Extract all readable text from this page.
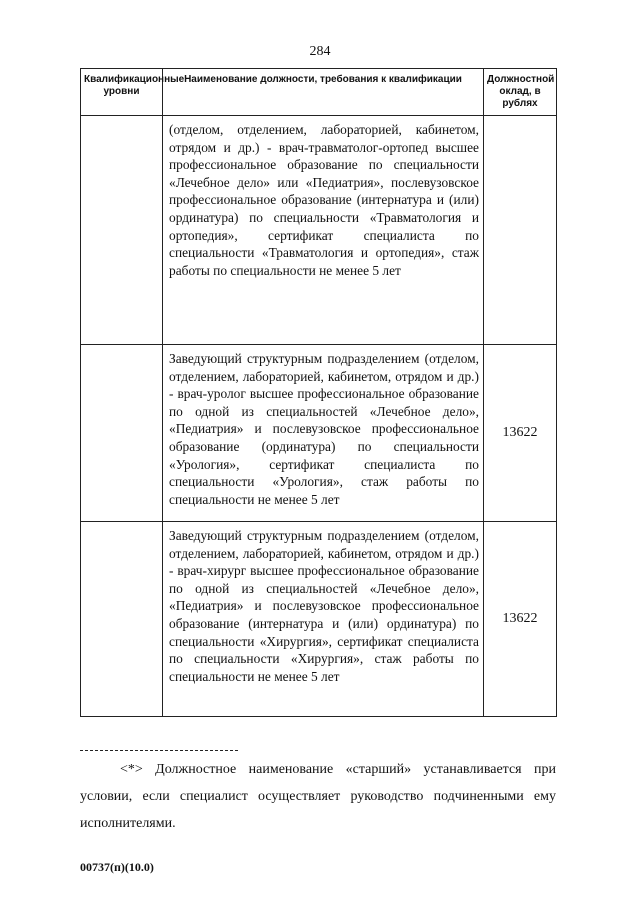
284
Квалификационные уровни	Наименование должности, требования к квалификации	Должностной оклад, в рублях
	(отделом, отделением, лабораторией, кабинетом, отрядом и др.) - врач-травматолог-ортопед высшее профессиональное образование по специальности «Лечебное дело» или «Педиатрия», послевузовское профессиональное образование (интернатура и (или) ординатура) по специальности «Травматология и ортопедия», сертификат специалиста по специальности «Травматология и ортопедия», стаж работы по специальности не менее 5 лет	
	Заведующий структурным подразделением (отделом, отделением, лабораторией, кабинетом, отрядом и др.) - врач-уролог высшее профессиональное образование по одной из специальностей «Лечебное дело», «Педиатрия» и послевузовское профессиональное образование (ординатура) по специальности «Урология», сертификат специалиста по специальности «Урология», стаж работы по специальности не менее 5 лет	13622
	Заведующий структурным подразделением (отделом, отделением, лабораторией, кабинетом, отрядом и др.) - врач-хирург высшее профессиональное образование по одной из специальностей «Лечебное дело», «Педиатрия» и послевузовское профессиональное образование (интернатура и (или) ординатура) по специальности «Хирургия», сертификат специалиста по специальности «Хирургия», стаж работы по специальности не менее 5 лет	13622
<*> Должностное наименование «старший» устанавливается при условии, если специалист осуществляет руководство подчиненными ему исполнителями.
00737(п)(10.0)
